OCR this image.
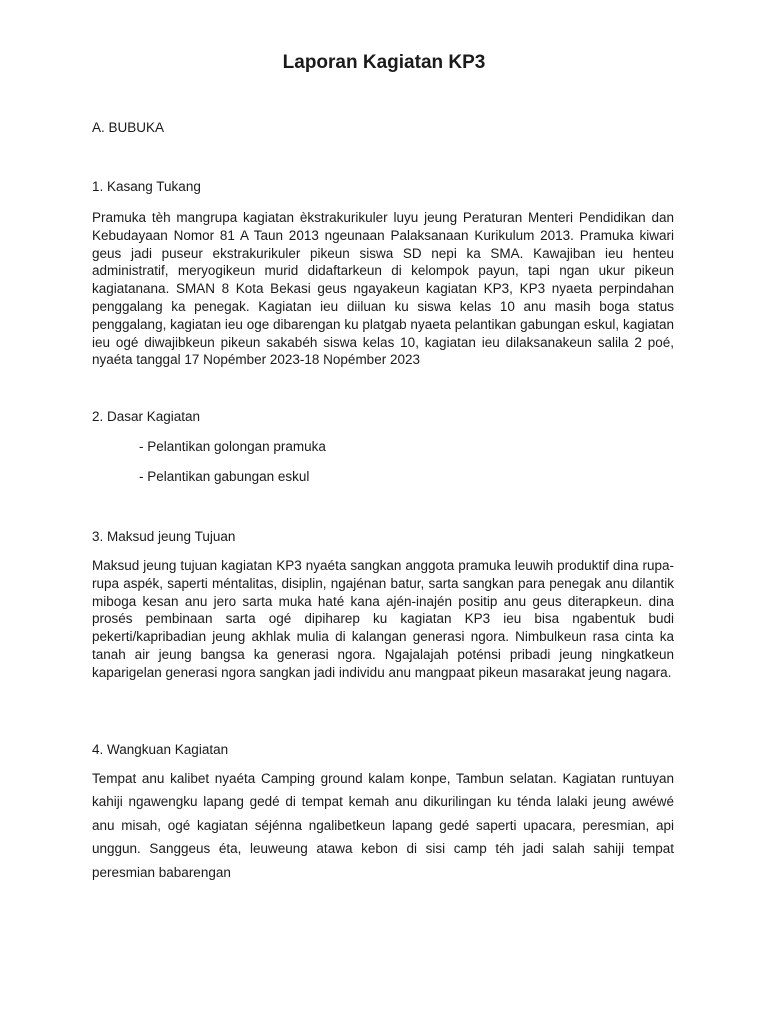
Laporan Kagiatan KP3

A. BUBUKA

1. Kasang Tukang

Pramuka tèh mangrupa kagiatan èkstrakurikuler luyu jeung Peraturan Menteri Pendidikan dan Kebudayaan Nomor 81 A Taun 2013 ngeunaan Palaksanaan Kurikulum 2013. Pramuka kiwari geus jadi puseur ekstrakurikuler pikeun siswa SD nepi ka SMA. Kawajiban ieu henteu administratif, meryogikeun murid didaftarkeun di kelompok payun, tapi ngan ukur pikeun kagiatanana. SMAN 8 Kota Bekasi geus ngayakeun kagiatan KP3, KP3 nyaeta perpindahan penggalang ka penegak. Kagiatan ieu diiluan ku siswa kelas 10 anu masih boga status penggalang, kagiatan ieu oge dibarengan ku platgab nyaeta pelantikan gabungan eskul, kagiatan ieu ogé diwajibkeun pikeun sakabéh siswa kelas 10, kagiatan ieu dilaksanakeun salila 2 poé, nyaéta tanggal 17 Nopémber 2023-18 Nopémber 2023

2. Dasar Kagiatan

- Pelantikan golongan pramuka

- Pelantikan gabungan eskul

3. Maksud jeung Tujuan

Maksud jeung tujuan kagiatan KP3 nyaéta sangkan anggota pramuka leuwih produktif dina rupa-rupa aspék, saperti méntalitas, disiplin, ngajénan batur, sarta sangkan para penegak anu dilantik miboga kesan anu jero sarta muka haté kana ajén-inajén positip anu geus diterapkeun. dina prosés pembinaan sarta ogé dipiharep ku kagiatan KP3 ieu bisa ngabentuk budi pekerti/kapribadian jeung akhlak mulia di kalangan generasi ngora. Nimbulkeun rasa cinta ka tanah air jeung bangsa ka generasi ngora. Ngajalajah poténsi pribadi jeung ningkatkeun kaparigelan generasi ngora sangkan jadi individu anu mangpaat pikeun masarakat jeung nagara.

4. Wangkuan Kagiatan

Tempat anu kalibet nyaéta Camping ground kalam konpe, Tambun selatan. Kagiatan runtuyan kahiji ngawengku lapang gedé di tempat kemah anu dikurilingan ku ténda lalaki jeung awéwé anu misah, ogé kagiatan séjénna ngalibetkeun lapang gedé saperti upacara, peresmian, api unggun. Sanggeus éta, leuweung atawa kebon di sisi camp téh jadi salah sahiji tempat peresmian babarengan
